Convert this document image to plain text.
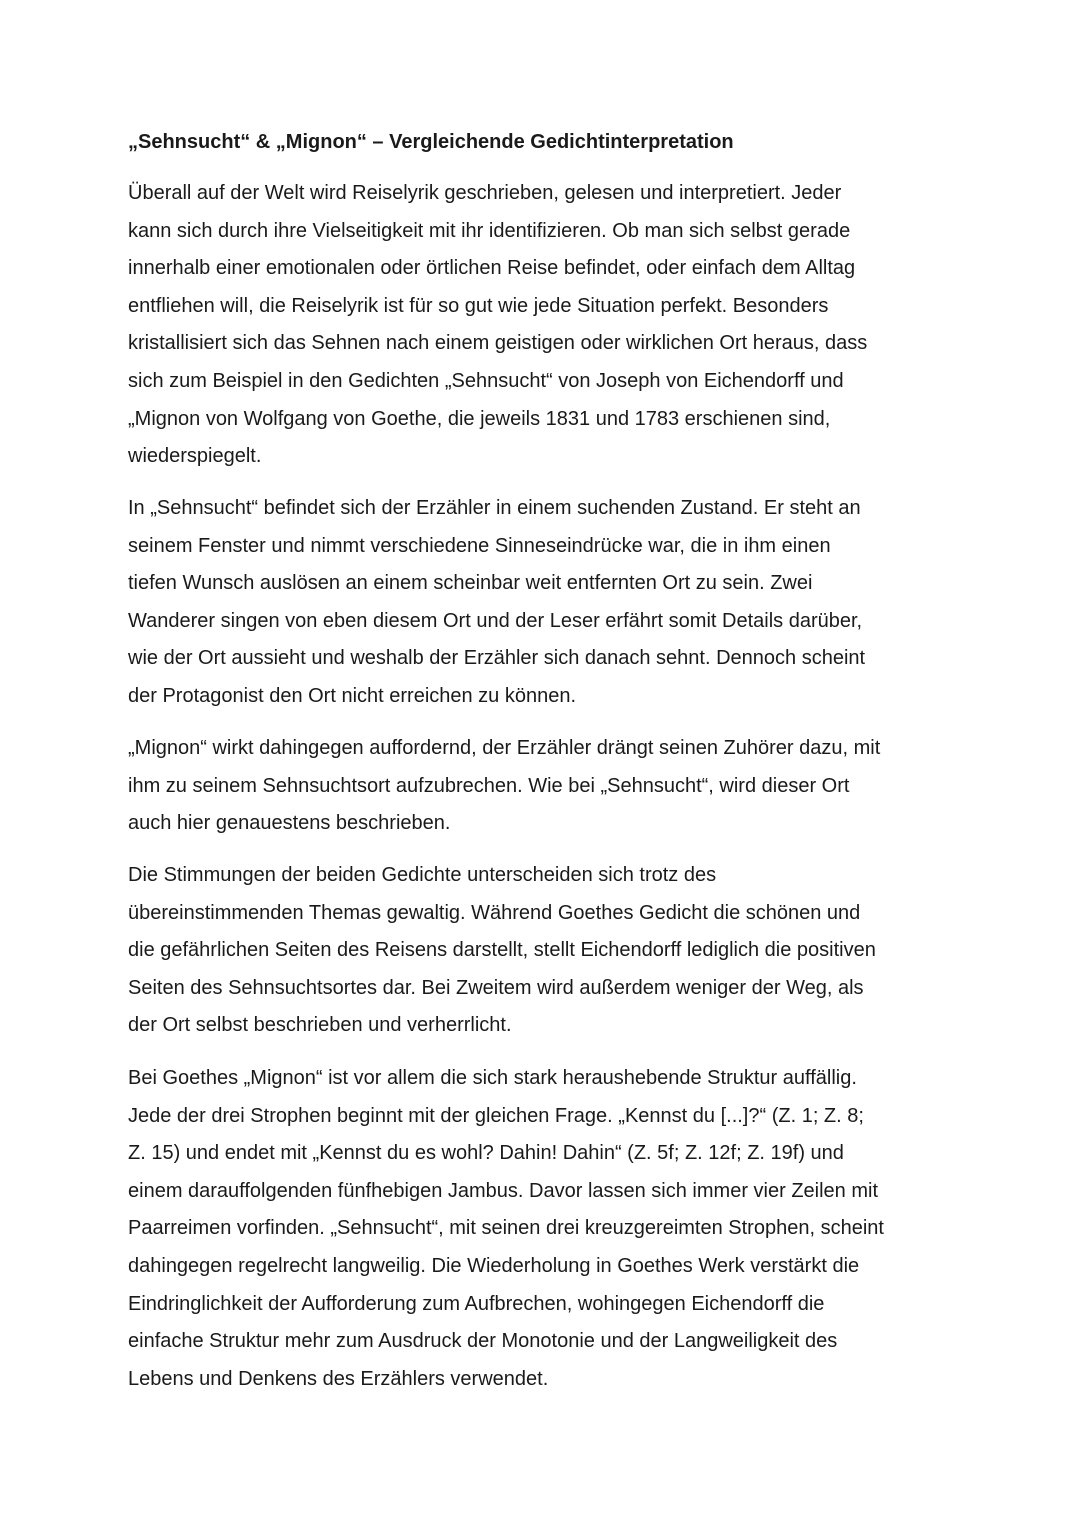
„Sehnsucht“ & „Mignon“ – Vergleichende Gedichtinterpretation

Überall auf der Welt wird Reiselyrik geschrieben, gelesen und interpretiert. Jeder
kann sich durch ihre Vielseitigkeit mit ihr identifizieren. Ob man sich selbst gerade
innerhalb einer emotionalen oder örtlichen Reise befindet, oder einfach dem Alltag
entfliehen will, die Reiselyrik ist für so gut wie jede Situation perfekt. Besonders
kristallisiert sich das Sehnen nach einem geistigen oder wirklichen Ort heraus, dass
sich zum Beispiel in den Gedichten „Sehnsucht“ von Joseph von Eichendorff und
„Mignon von Wolfgang von Goethe, die jeweils 1831 und 1783 erschienen sind,
wiederspiegelt.

In „Sehnsucht“ befindet sich der Erzähler in einem suchenden Zustand. Er steht an
seinem Fenster und nimmt verschiedene Sinneseindrücke war, die in ihm einen
tiefen Wunsch auslösen an einem scheinbar weit entfernten Ort zu sein. Zwei
Wanderer singen von eben diesem Ort und der Leser erfährt somit Details darüber,
wie der Ort aussieht und weshalb der Erzähler sich danach sehnt. Dennoch scheint
der Protagonist den Ort nicht erreichen zu können.

„Mignon“ wirkt dahingegen auffordernd, der Erzähler drängt seinen Zuhörer dazu, mit
ihm zu seinem Sehnsuchtsort aufzubrechen. Wie bei „Sehnsucht“, wird dieser Ort
auch hier genauestens beschrieben.

Die Stimmungen der beiden Gedichte unterscheiden sich trotz des
übereinstimmenden Themas gewaltig. Während Goethes Gedicht die schönen und
die gefährlichen Seiten des Reisens darstellt, stellt Eichendorff lediglich die positiven
Seiten des Sehnsuchtsortes dar. Bei Zweitem wird außerdem weniger der Weg, als
der Ort selbst beschrieben und verherrlicht.

Bei Goethes „Mignon“ ist vor allem die sich stark heraushebende Struktur auffällig.
Jede der drei Strophen beginnt mit der gleichen Frage. „Kennst du [...]?“ (Z. 1; Z. 8;
Z. 15) und endet mit „Kennst du es wohl? Dahin! Dahin“ (Z. 5f; Z. 12f; Z. 19f) und
einem darauffolgenden fünfhebigen Jambus. Davor lassen sich immer vier Zeilen mit
Paarreimen vorfinden. „Sehnsucht“, mit seinen drei kreuzgereimten Strophen, scheint
dahingegen regelrecht langweilig. Die Wiederholung in Goethes Werk verstärkt die
Eindringlichkeit der Aufforderung zum Aufbrechen, wohingegen Eichendorff die
einfache Struktur mehr zum Ausdruck der Monotonie und der Langweiligkeit des
Lebens und Denkens des Erzählers verwendet.
